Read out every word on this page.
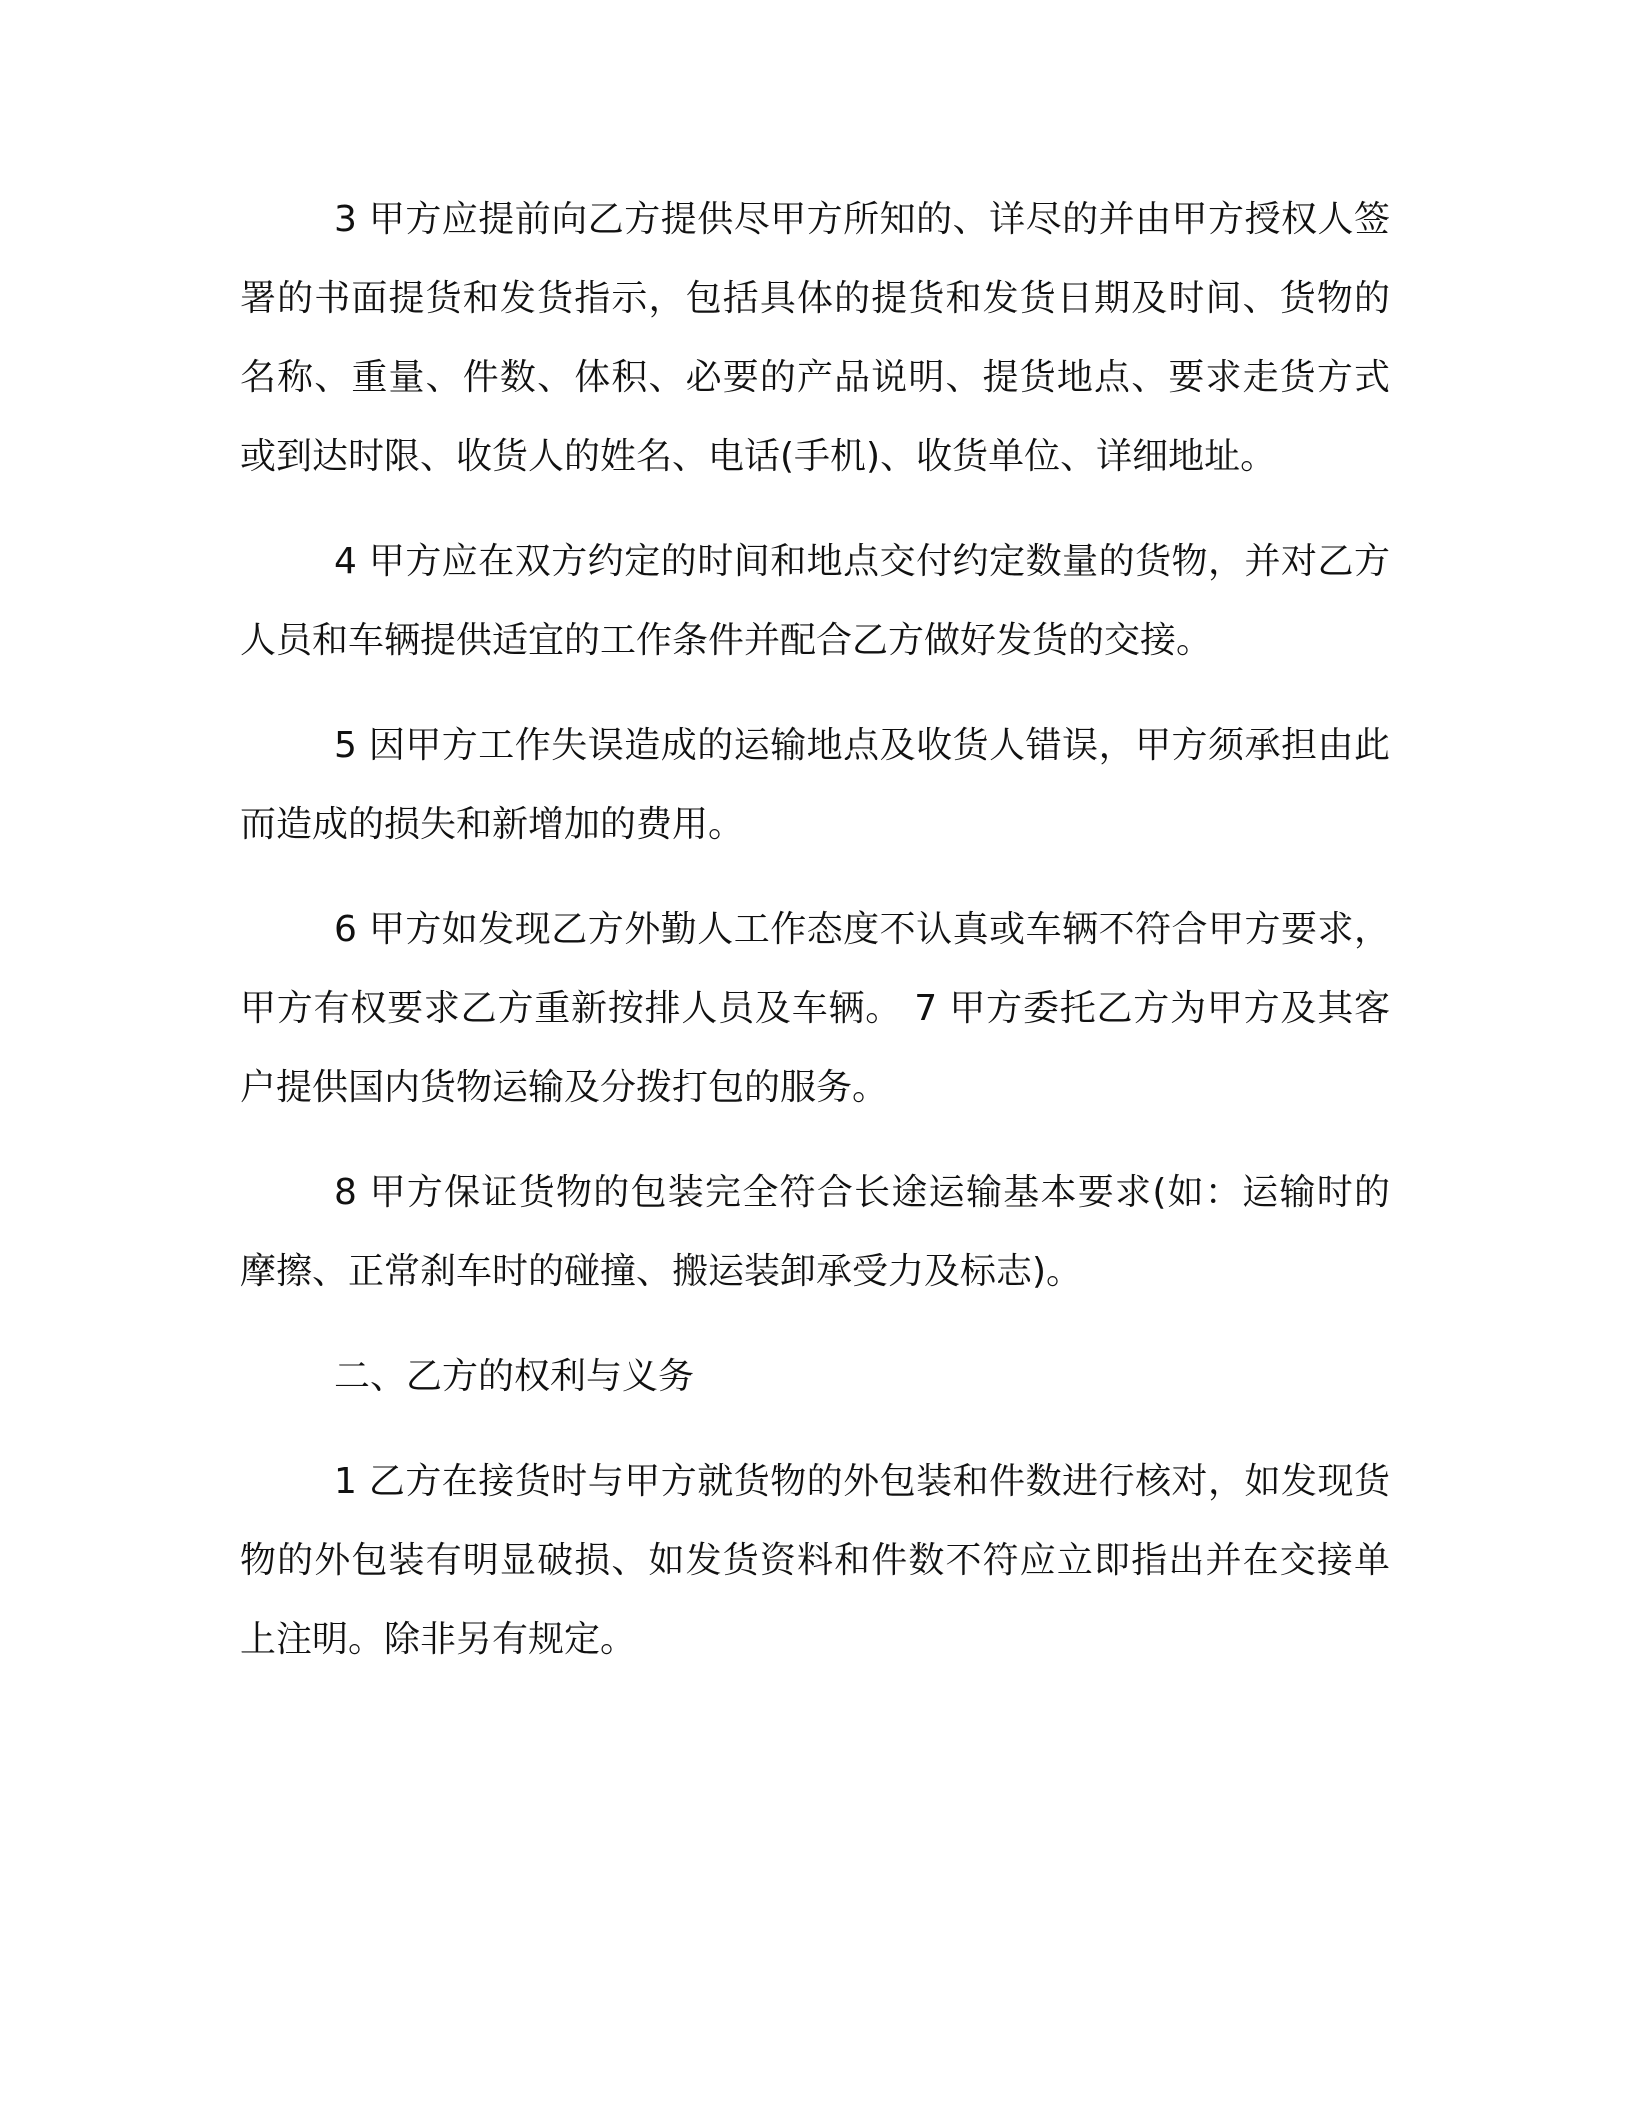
3 甲方应提前向乙方提供尽甲方所知的、详尽的并由甲方授权人签署的书面提货和发货指示，包括具体的提货和发货日期及时间、货物的名称、重量、件数、体积、必要的产品说明、提货地点、要求走货方式或到达时限、收货人的姓名、电话(手机)、收货单位、详细地址。

4 甲方应在双方约定的时间和地点交付约定数量的货物，并对乙方人员和车辆提供适宜的工作条件并配合乙方做好发货的交接。

5 因甲方工作失误造成的运输地点及收货人错误，甲方须承担由此而造成的损失和新增加的费用。

6 甲方如发现乙方外勤人工作态度不认真或车辆不符合甲方要求，甲方有权要求乙方重新按排人员及车辆。 7 甲方委托乙方为甲方及其客户提供国内货物运输及分拨打包的服务。

8 甲方保证货物的包装完全符合长途运输基本要求(如：运输时的摩擦、正常刹车时的碰撞、搬运装卸承受力及标志)。

二、乙方的权利与义务

1 乙方在接货时与甲方就货物的外包装和件数进行核对，如发现货物的外包装有明显破损、如发货资料和件数不符应立即指出并在交接单上注明。除非另有规定。
